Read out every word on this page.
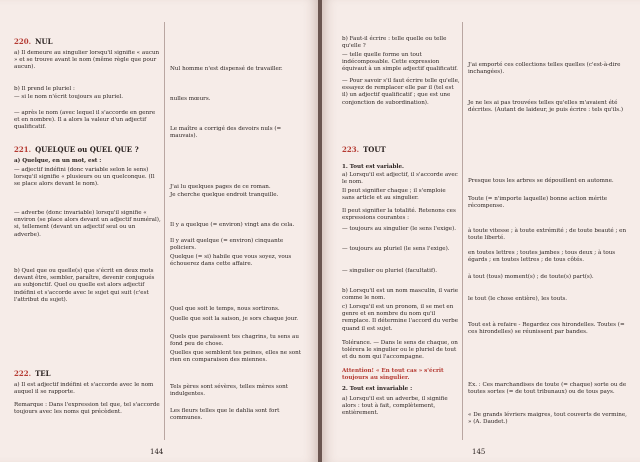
220. NUL
a) Il demeure au singulier lorsqu'il signifie « aucun » et se trouve avant le nom (même règle que pour aucun).
b) Il prend le pluriel :
— si le nom n'écrit toujours au pluriel.
— après le nom (avec lequel il s'accorde en genre et en nombre). Il a alors la valeur d'un adjectif qualificatif.
221. QUELQUE ou QUEL QUE ?
a) Quelque, en un mot, est :
— adjectif indéfini (donc variable selon le sens) lorsqu'il signifie « plusieurs ou un quelconque. (Il se place alors devant le nom).
— adverbe (donc invariable) lorsqu'il signifie « environ (se place alors devant un adjectif numéral), si, tellement (devant un adjectif seul ou un adverbe).
b) Quel que ou quelle(s) que s'écrit en deux mots devant être, sembler, paraître, devenir conjugués au subjonctif. Quel ou quelle est alors adjectif indéfini et s'accorde avec le sujet qui suit (c'est l'attribut du sujet).
222. TEL
a) Il est adjectif indéfini et s'accorde avec le nom auquel il se rapporte.
Remarque : Dans l'expression tel que, tel s'accorde toujours avec les noms qui précèdent.
Nul homme n'est dispensé de travailler.
nulles mœurs.
Le maître a corrigé des devoirs nuls (= mauvais).
J'ai lu quelques pages de ce roman.
Je cherche quelque endroit tranquille.
Il y a quelque (= environ) vingt ans de cela.
Il y avait quelque (= environ) cinquante policiers.
Quelque (= si) habile que vous soyez, vous échouerez dans cette affaire.
Quel que soit le temps, nous sortirons.
Quelle que soit la saison, je sors chaque jour.
Quels que paraissent tes chagrins, tu sens au fond peu de chose.
Quelles que semblent tes peines, elles ne sont rien en comparaison des miennes.
Tels pères sont sévères, telles mères sont indulgentes.
Les fleurs telles que le dahlia sont fort communes.
144
b) Faut-il écrire : telle quelle ou telle qu'elle ?
— telle quelle forme un tout indécomposable. Cette expression équivaut à un simple adjectif qualificatif.
— Pour savoir s'il faut écrire telle qu'elle, essayez de remplacer elle par il (tel est il) un adjectif qualificatif ; que est une conjonction de subordination).
223. TOUT
1. Tout est variable.
a) Lorsqu'il est adjectif, il s'accorde avec le nom.
Il peut signifier chaque ; il s'emploie sans article et au singulier.
Il peut signifier la totalité. Retenons ces expressions courantes :
— toujours au singulier (le sens l'exige).
— toujours au pluriel (le sens l'exige).
— singulier ou pluriel (facultatif).
b) Lorsqu'il est un nom masculin, il varie comme le nom.
c) Lorsqu'il est un pronom, il se met en genre et en nombre du nom qu'il remplace. Il détermine l'accord du verbe quand il est sujet.
Tolérance. — Dans le sens de chaque, on tolérera le singulier ou le pluriel de tout et du nom qui l'accompagne.
Attention! « En tout cas » s'écrit toujours au singulier.
2. Tout est invariable :
a) Lorsqu'il est un adverbe, il signifie alors : tout à fait, complètement, entièrement.
J'ai emporté ces collections telles quelles (c'est-à-dire inchangées).
Je ne les ai pas trouvées telles qu'elles m'avaient été décrites. (Autant de laideur, je puis écrire : tels qu'ils.)
Presque tous les arbres se dépouillent en automne.
Toute (= n'importe laquelle) bonne action mérite récompense.
à toute vitesse ; à toute extrémité ; de toute beauté ; en toute liberté.
en toutes lettres ; toutes jambes ; tous deux ; à tous égards ; en toutes lettres ; de tous côtés.
à tout (tous) moment(s) ; de toute(s) part(s).
le tout (le chose entière), les touts.
Tout est à refaire - Regardez ces hirondelles. Toutes (= ces hirondelles) se réunissent par bandes.
Ex. : Ces marchandises de toute (= chaque) sorte ou de toutes sortes (= de tout tribunaux) ou de tous pays.
« De grands lévriers maigres, tout couverts de vermine, » (A. Daudet.)
145
